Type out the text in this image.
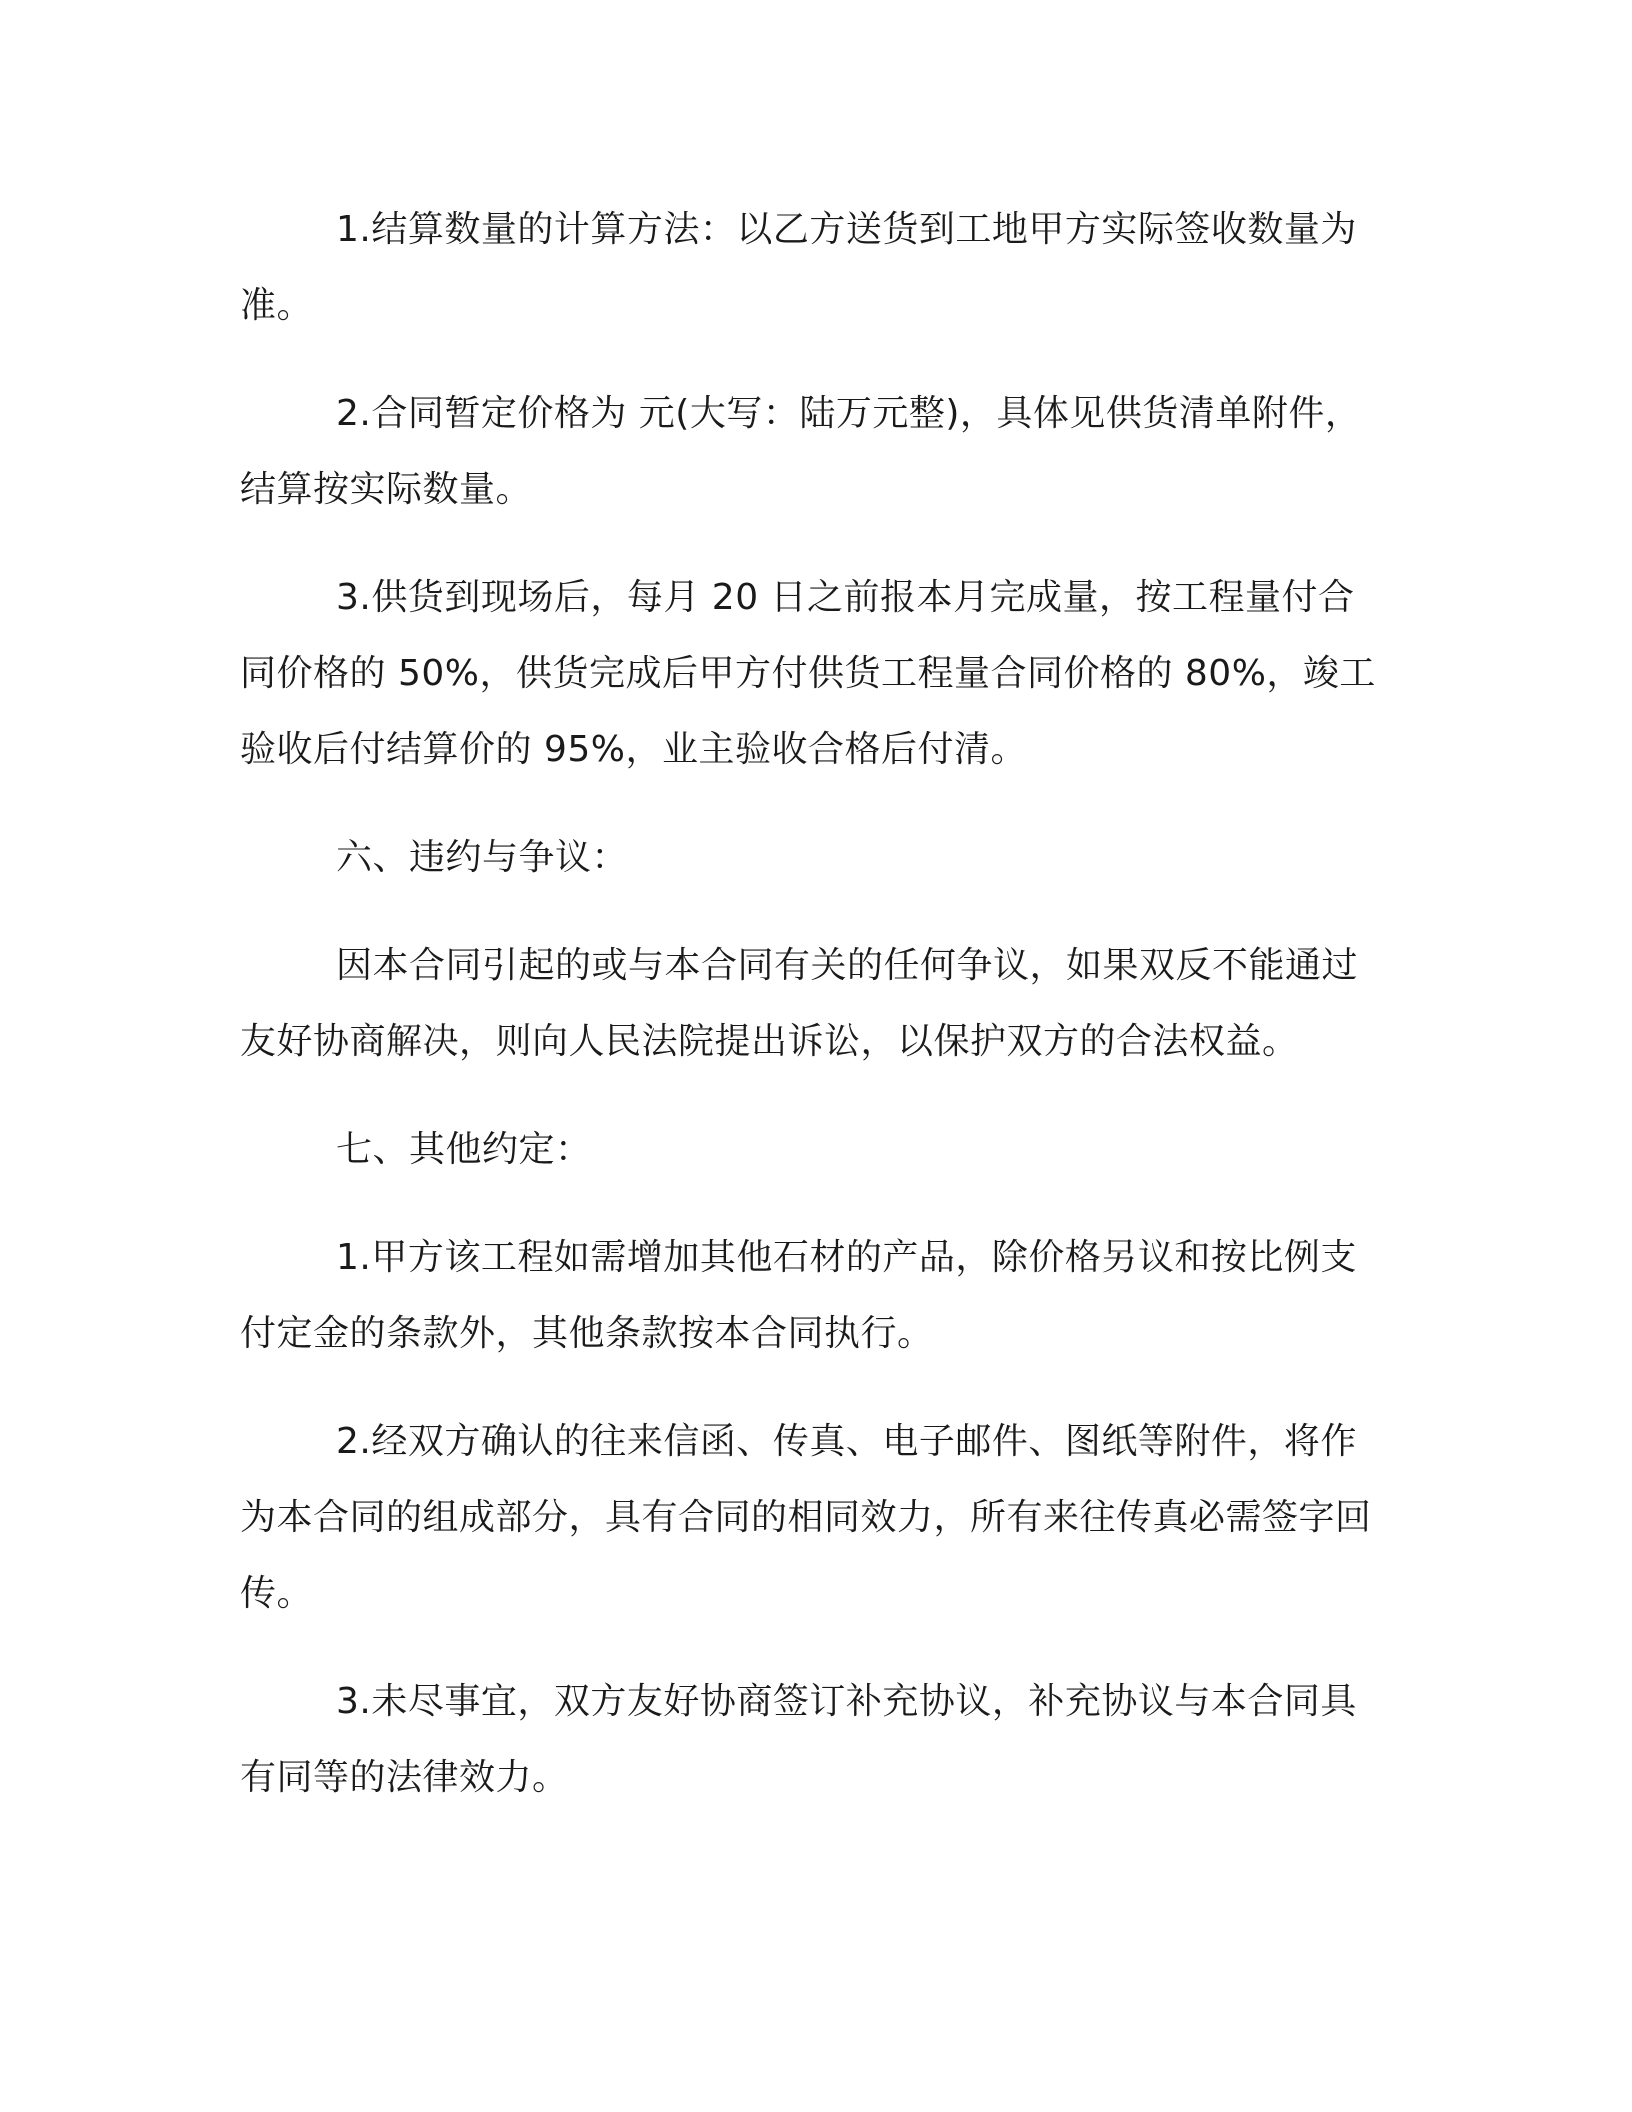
1.结算数量的计算方法：以乙方送货到工地甲方实际签收数量为准。

2.合同暂定价格为 元(大写：陆万元整)，具体见供货清单附件，结算按实际数量。

3.供货到现场后，每月 20 日之前报本月完成量，按工程量付合同价格的 50%，供货完成后甲方付供货工程量合同价格的 80%，竣工验收后付结算价的 95%，业主验收合格后付清。

六、违约与争议：

因本合同引起的或与本合同有关的任何争议，如果双反不能通过友好协商解决，则向人民法院提出诉讼，以保护双方的合法权益。

七、其他约定：

1.甲方该工程如需增加其他石材的产品，除价格另议和按比例支付定金的条款外，其他条款按本合同执行。

2.经双方确认的往来信函、传真、电子邮件、图纸等附件，将作为本合同的组成部分，具有合同的相同效力，所有来往传真必需签字回传。

3.未尽事宜，双方友好协商签订补充协议，补充协议与本合同具有同等的法律效力。
